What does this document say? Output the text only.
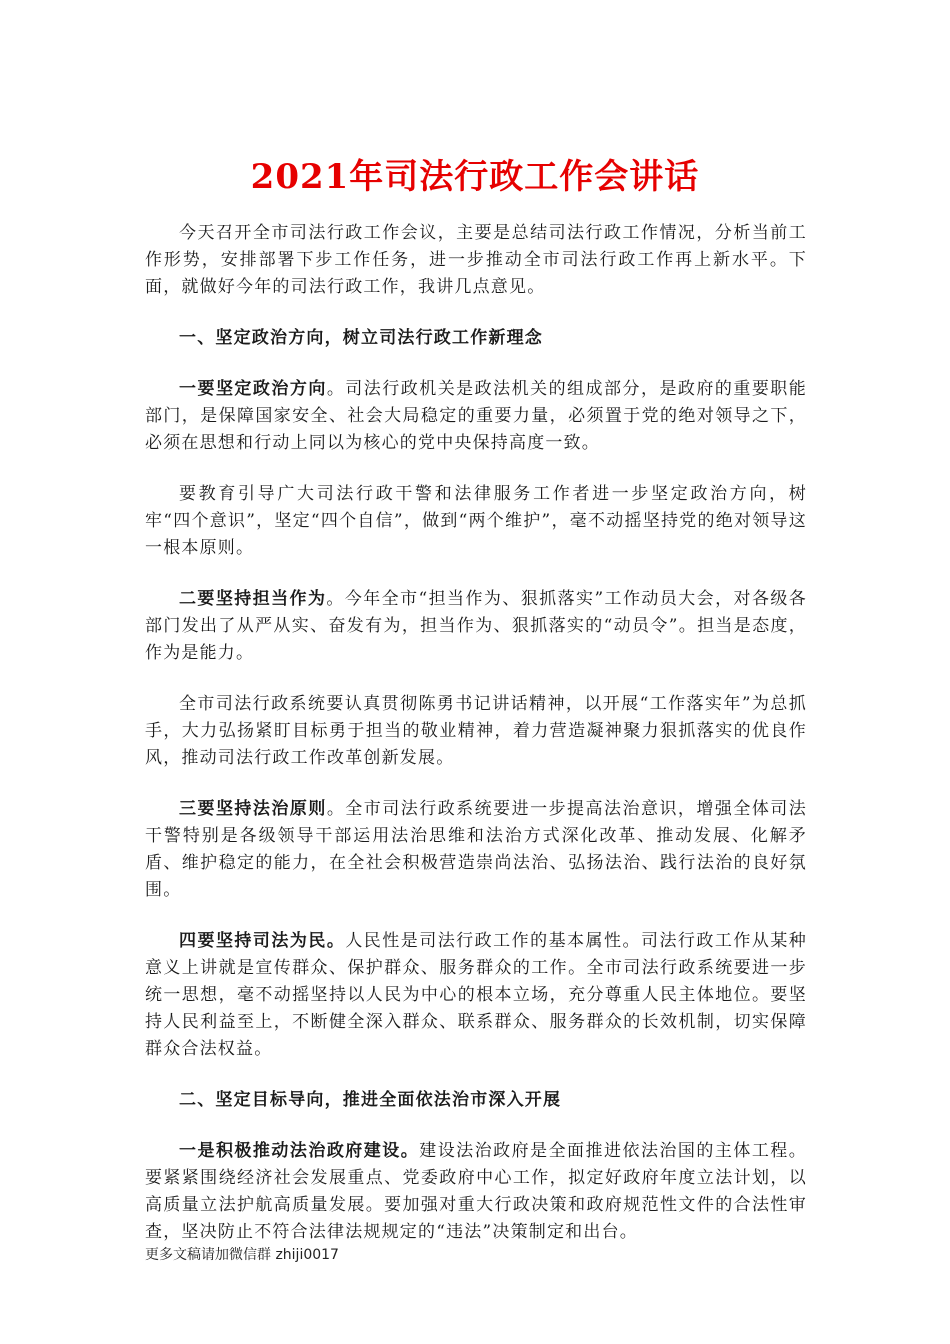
2021年司法行政工作会讲话

今天召开全市司法行政工作会议，主要是总结司法行政工作情况，分析当前工作形势，安排部署下步工作任务，进一步推动全市司法行政工作再上新水平。下面，就做好今年的司法行政工作，我讲几点意见。

一、坚定政治方向，树立司法行政工作新理念

一要坚定政治方向。司法行政机关是政法机关的组成部分，是政府的重要职能部门，是保障国家安全、社会大局稳定的重要力量，必须置于党的绝对领导之下，必须在思想和行动上同以为核心的党中央保持高度一致。

要教育引导广大司法行政干警和法律服务工作者进一步坚定政治方向，树牢“四个意识”，坚定“四个自信”，做到“两个维护”，毫不动摇坚持党的绝对领导这一根本原则。

二要坚持担当作为。今年全市“担当作为、狠抓落实”工作动员大会，对各级各部门发出了从严从实、奋发有为，担当作为、狠抓落实的“动员令”。担当是态度，作为是能力。

全市司法行政系统要认真贯彻陈勇书记讲话精神，以开展“工作落实年”为总抓手，大力弘扬紧盯目标勇于担当的敬业精神，着力营造凝神聚力狠抓落实的优良作风，推动司法行政工作改革创新发展。

三要坚持法治原则。全市司法行政系统要进一步提高法治意识，增强全体司法干警特别是各级领导干部运用法治思维和法治方式深化改革、推动发展、化解矛盾、维护稳定的能力，在全社会积极营造崇尚法治、弘扬法治、践行法治的良好氛围。

四要坚持司法为民。人民性是司法行政工作的基本属性。司法行政工作从某种意义上讲就是宣传群众、保护群众、服务群众的工作。全市司法行政系统要进一步统一思想，毫不动摇坚持以人民为中心的根本立场，充分尊重人民主体地位。要坚持人民利益至上，不断健全深入群众、联系群众、服务群众的长效机制，切实保障群众合法权益。

二、坚定目标导向，推进全面依法治市深入开展

一是积极推动法治政府建设。建设法治政府是全面推进依法治国的主体工程。要紧紧围绕经济社会发展重点、党委政府中心工作，拟定好政府年度立法计划，以高质量立法护航高质量发展。要加强对重大行政决策和政府规范性文件的合法性审查，坚决防止不符合法律法规规定的“违法”决策制定和出台。

更多文稿请加微信群 zhiji0017
